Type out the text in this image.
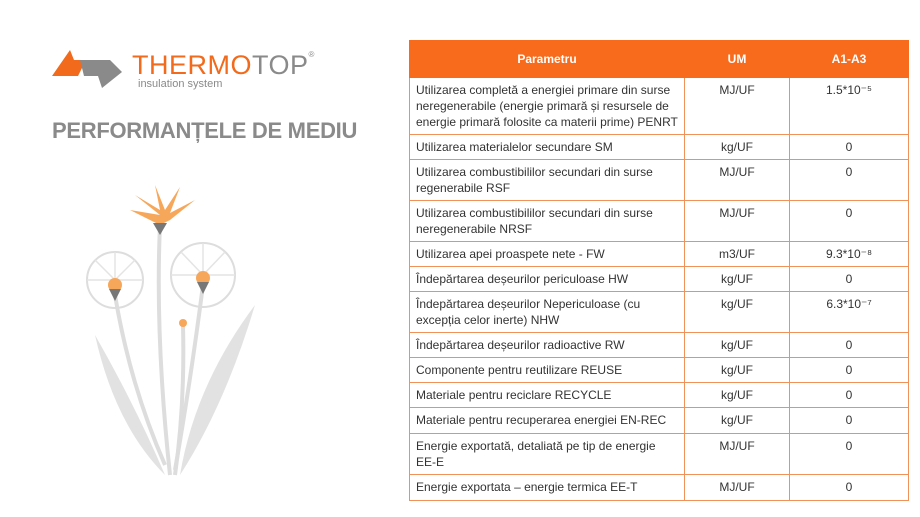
THERMOTOP®
insulation system
PERFORMANȚELE DE MEDIU
Parametru	UM	A1-A3
Utilizarea completă a energiei primare din surse neregenerabile (energie primară și resursele de energie primară folosite ca materii prime) PENRT	MJ/UF	1.5*10⁻⁵
Utilizarea materialelor secundare SM	kg/UF	0
Utilizarea combustibililor secundari din surse regenerabile RSF	MJ/UF	0
Utilizarea combustibililor secundari din surse neregenerabile NRSF	MJ/UF	0
Utilizarea apei proaspete nete - FW	m3/UF	9.3*10⁻⁸
Îndepărtarea deșeurilor periculoase HW	kg/UF	0
Îndepărtarea deșeurilor Nepericuloase (cu excepția celor inerte) NHW	kg/UF	6.3*10⁻⁷
Îndepărtarea deșeurilor radioactive RW	kg/UF	0
Componente pentru reutilizare REUSE	kg/UF	0
Materiale pentru reciclare RECYCLE	kg/UF	0
Materiale pentru recuperarea energiei EN-REC	kg/UF	0
Energie exportată, detaliată pe tip de energie EE-E	MJ/UF	0
Energie exportata – energie termica EE-T	MJ/UF	0
